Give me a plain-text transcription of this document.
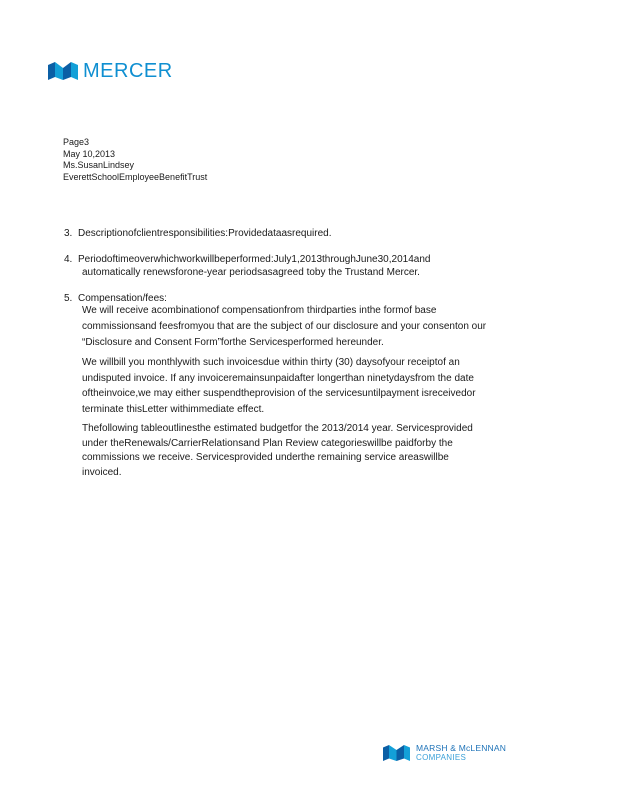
MERCER
Page3
May 10,2013
Ms.SusanLindsey
EverettSchoolEmployeeBenefitTrust
3. Descriptionofclientresponsibilities:Providedataasrequired.
4. Periodoftimeoverwhichworkwillbeperformed:July1,2013throughJune30,2014and
automatically renewsforone-year periodsasagreed toby the Trustand Mercer.
5. Compensation/fees:
We will receive acombinationof compensationfrom thirdparties inthe formof base
commissionsand feesfromyou that are the subject of our disclosure and your consenton our
“Disclosure and Consent Form”forthe Servicesperformed hereunder.
We willbill you monthlywith such invoicesdue within thirty (30) daysofyour receiptof an
undisputed invoice. If any invoiceremainsunpaidafter longerthan ninetydaysfrom the date
oftheinvoice,we may either suspendtheprovision of the servicesuntilpayment isreceivedor
terminate thisLetter withimmediate effect.
Thefollowing tableoutlinesthe estimated budgetfor the 2013/2014 year. Servicesprovided
under theRenewals/CarrierRelationsand Plan Review categorieswillbe paidforby the
commissions we receive. Servicesprovided underthe remaining service areaswillbe
invoiced.
MARSH & McLENNAN
COMPANIES
